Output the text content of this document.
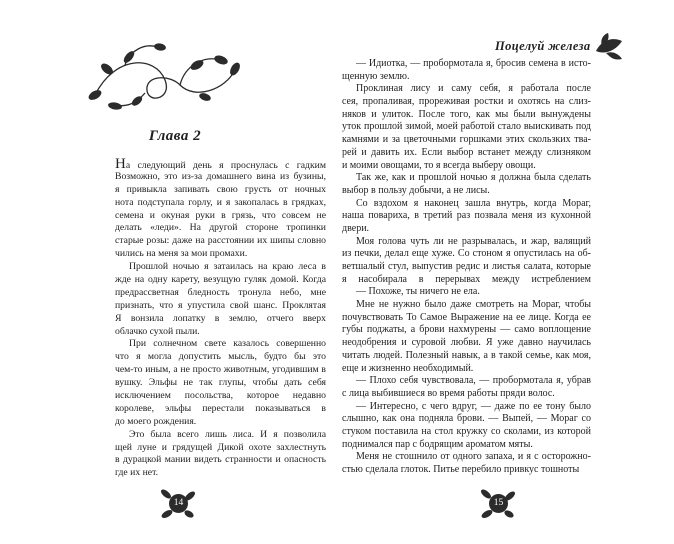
Глава 2
На следующий день я проснулась с гадким
Возможно, это из-за домашнего вина из бузины,
я привыкла запивать свою грусть от ночных
нота подступала горлу, и я закопалась в грядках,
семена и окуная руки в грязь, что совсем не
делать «леди». На другой стороне тропинки
старые розы: даже на расстоянии их шипы словно
чились на меня за мои промахи.
Прошлой ночью я затаилась на краю леса в
жде на одну карету, везущую гуляк домой. Когда
предрассветная бледность тронула небо, мне
признать, что я упустила свой шанс. Проклятая
Я вонзила лопатку в землю, отчего вверх
облачко сухой пыли.
При солнечном свете казалось совершенно
что я могла допустить мысль, будто бы это
чем-то иным, а не просто животным, угодившим в
вушку. Эльфы не так глупы, чтобы дать себя
исключением посольства, которое недавно
королеве, эльфы перестали показываться в
до моего рождения.
Это была всего лишь лиса. И я позволила
щей луне и грядущей Дикой охоте захлестнуть
в дурацкой мании видеть странности и опасность
где их нет.
14
Поцелуй железа
— Идиотка, — пробормотала я, бросив семена в исто-
щенную землю.
Проклиная лису и саму себя, я работала после
сея, пропаливая, прореживая ростки и охотясь на слиз-
няков и улиток. После того, как мы были вынуждены
уток прошлой зимой, моей работой стало выискивать под
камнями и за цветочными горшками этих скользких тва-
рей и давить их. Если выбор встанет между слизняком
и моими овощами, то я всегда выберу овощи.
Так же, как и прошлой ночью я должна была сделать
выбор в пользу добычи, а не лисы.
Со вздохом я наконец зашла внутрь, когда Мораг,
наша повариха, в третий раз позвала меня из кухонной
двери.
Моя голова чуть ли не разрывалась, и жар, валящий
из печки, делал еще хуже. Со стоном я опустилась на об-
ветшалый стул, выпустив редис и листья салата, которые
я насобирала в перерывах между истреблением
— Похоже, ты ничего не ела.
Мне не нужно было даже смотреть на Мораг, чтобы
почувствовать То Самое Выражение на ее лице. Когда ее
губы поджаты, а брови нахмурены — само воплощение
неодобрения и суровой любви. Я уже давно научилась
читать людей. Полезный навык, а в такой семье, как моя,
еще и жизненно необходимый.
— Плохо себя чувствовала, — пробормотала я, убрав
с лица выбившиеся во время работы пряди волос.
— Интересно, с чего вдруг, — даже по ее тону было
слышно, как она подняла брови. — Выпей, — Мораг со
стуком поставила на стол кружку со сколами, из которой
поднимался пар с бодрящим ароматом мяты.
Меня не стошнило от одного запаха, и я с осторожно-
стью сделала глоток. Питье перебило привкус тошноты
15
